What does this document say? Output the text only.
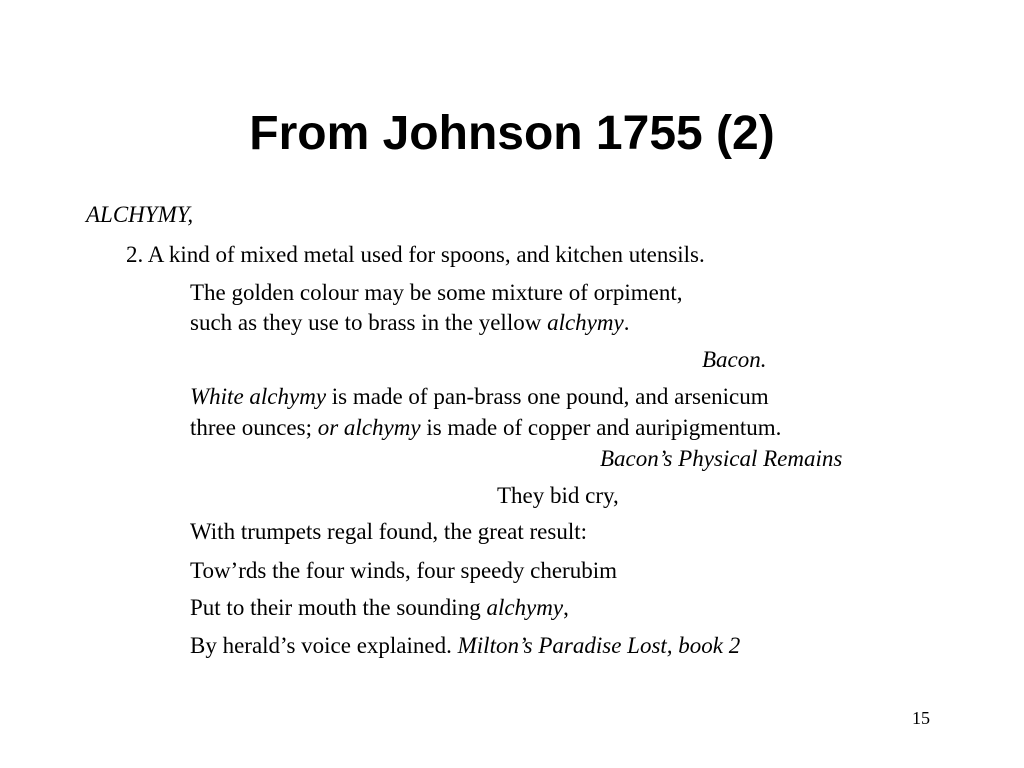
From Johnson 1755 (2)
ALCHYMY,
2. A kind of mixed metal used for spoons, and kitchen utensils.
The golden colour may be some mixture of orpiment,
such as they use to brass in the yellow alchymy.
Bacon.
White alchymy is made of pan-brass one pound, and arsenicum
three ounces; or alchymy is made of copper and auripigmentum.
Bacon’s Physical Remains
They bid cry,
With trumpets regal found, the great result:
Tow’rds the four winds, four speedy cherubim
Put to their mouth the sounding alchymy,
By herald’s voice explained. Milton’s Paradise Lost, book 2
15
